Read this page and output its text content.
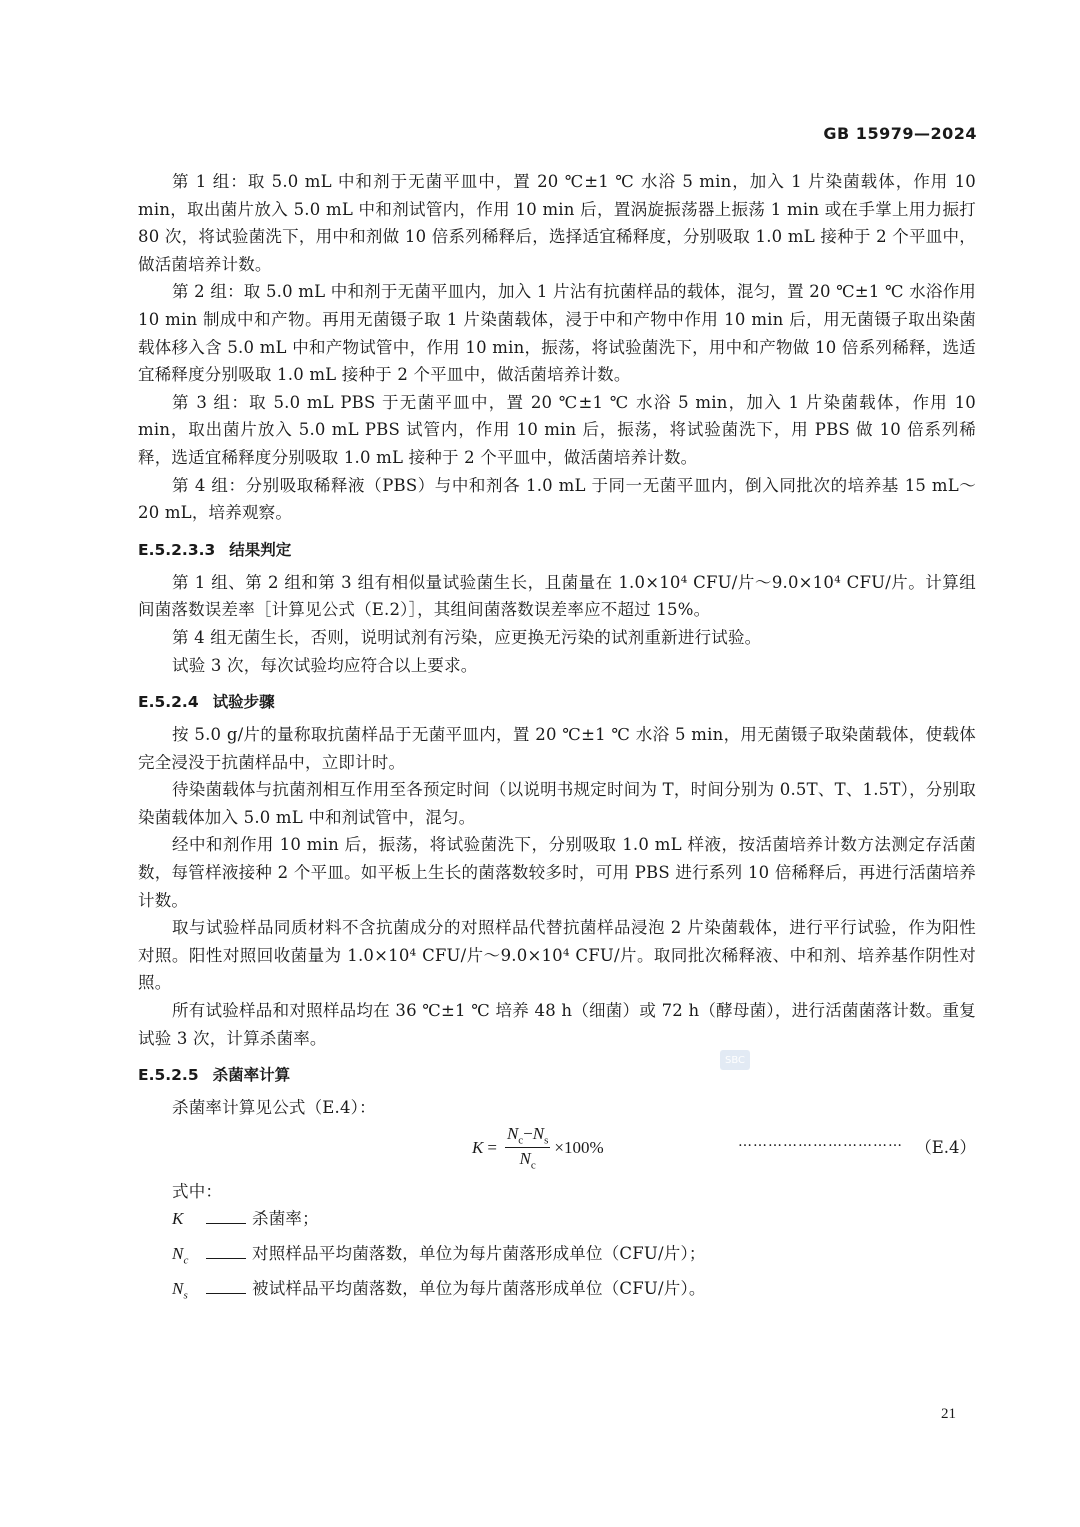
GB 15979—2024

第 1 组：取 5.0 mL 中和剂于无菌平皿中，置 20 ℃±1 ℃ 水浴 5 min，加入 1 片染菌载体，作用 10 min，取出菌片放入 5.0 mL 中和剂试管内，作用 10 min 后，置涡旋振荡器上振荡 1 min 或在手掌上用力振打 80 次，将试验菌洗下，用中和剂做 10 倍系列稀释后，选择适宜稀释度，分别吸取 1.0 mL 接种于 2 个平皿中，做活菌培养计数。

第 2 组：取 5.0 mL 中和剂于无菌平皿内，加入 1 片沾有抗菌样品的载体，混匀，置 20 ℃±1 ℃ 水浴作用 10 min 制成中和产物。再用无菌镊子取 1 片染菌载体，浸于中和产物中作用 10 min 后，用无菌镊子取出染菌载体移入含 5.0 mL 中和产物试管中，作用 10 min，振荡，将试验菌洗下，用中和产物做 10 倍系列稀释，选适宜稀释度分别吸取 1.0 mL 接种于 2 个平皿中，做活菌培养计数。

第 3 组：取 5.0 mL PBS 于无菌平皿中，置 20 ℃±1 ℃ 水浴 5 min，加入 1 片染菌载体，作用 10 min，取出菌片放入 5.0 mL PBS 试管内，作用 10 min 后，振荡，将试验菌洗下，用 PBS 做 10 倍系列稀释，选适宜稀释度分别吸取 1.0 mL 接种于 2 个平皿中，做活菌培养计数。

第 4 组：分别吸取稀释液（PBS）与中和剂各 1.0 mL 于同一无菌平皿内，倒入同批次的培养基 15 mL～20 mL，培养观察。

E.5.2.3.3 结果判定

第 1 组、第 2 组和第 3 组有相似量试验菌生长，且菌量在 1.0×10⁴ CFU/片～9.0×10⁴ CFU/片。计算组间菌落数误差率［计算见公式（E.2）］，其组间菌落数误差率应不超过 15%。

第 4 组无菌生长，否则，说明试剂有污染，应更换无污染的试剂重新进行试验。

试验 3 次，每次试验均应符合以上要求。

E.5.2.4 试验步骤

按 5.0 g/片的量称取抗菌样品于无菌平皿内，置 20 ℃±1 ℃ 水浴 5 min，用无菌镊子取染菌载体，使载体完全浸没于抗菌样品中，立即计时。

待染菌载体与抗菌剂相互作用至各预定时间（以说明书规定时间为 T，时间分别为 0.5T、T、1.5T），分别取染菌载体加入 5.0 mL 中和剂试管中，混匀。

经中和剂作用 10 min 后，振荡，将试验菌洗下，分别吸取 1.0 mL 样液，按活菌培养计数方法测定存活菌数，每管样液接种 2 个平皿。如平板上生长的菌落数较多时，可用 PBS 进行系列 10 倍稀释后，再进行活菌培养计数。

取与试验样品同质材料不含抗菌成分的对照样品代替抗菌样品浸泡 2 片染菌载体，进行平行试验，作为阳性对照。阳性对照回收菌量为 1.0×10⁴ CFU/片～9.0×10⁴ CFU/片。取同批次稀释液、中和剂、培养基作阴性对照。

所有试验样品和对照样品均在 36 ℃±1 ℃ 培养 48 h（细菌）或 72 h（酵母菌），进行活菌菌落计数。重复试验 3 次，计算杀菌率。

E.5.2.5 杀菌率计算

杀菌率计算见公式（E.4）：

$K = \frac{N_c-N_s}{N_c} \times 100\%$	…………………………… （E.4）

式中：

K	杀菌率；

$N_c$	对照样品平均菌落数，单位为每片菌落形成单位（CFU/片）；

$N_s$	被试样品平均菌落数，单位为每片菌落形成单位（CFU/片）。

SBC
21
